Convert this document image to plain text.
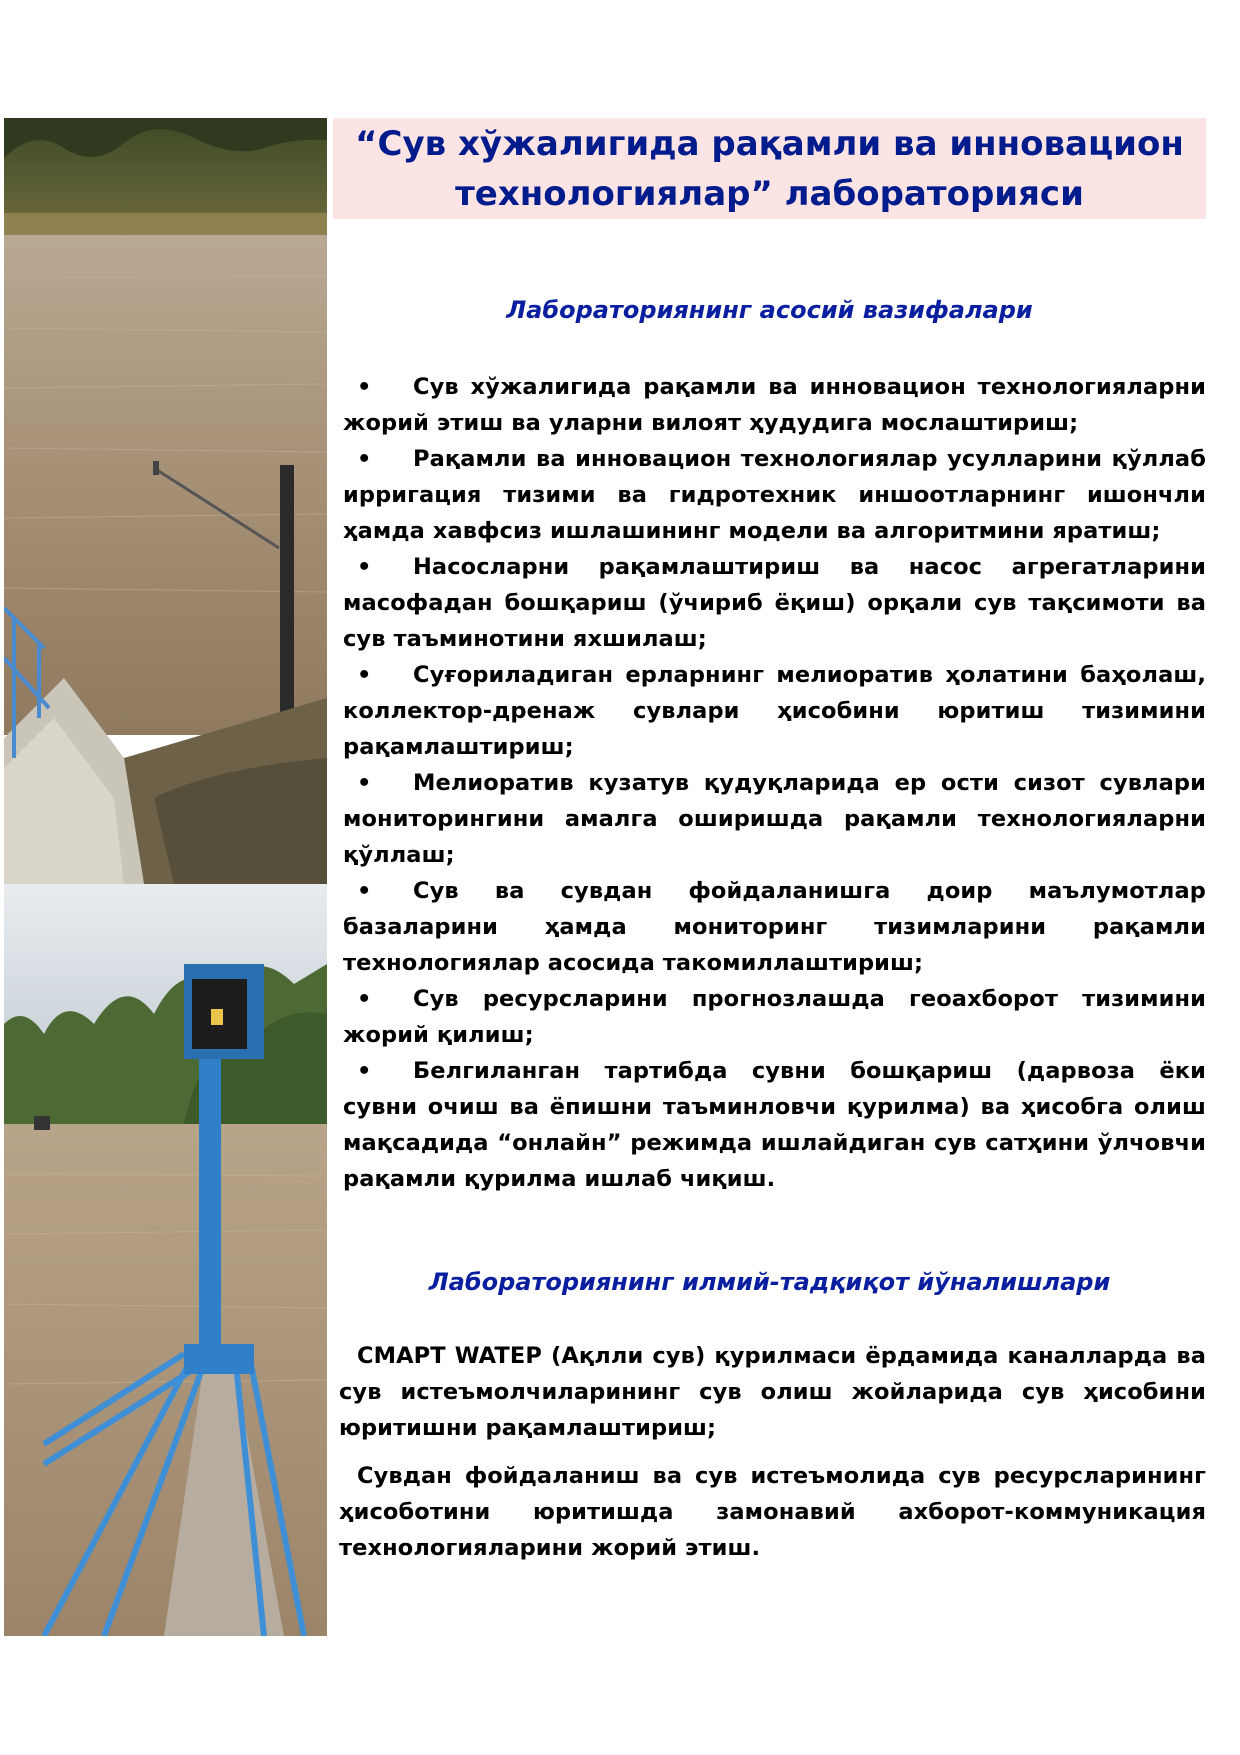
“Сув хўжалигида рақамли ва инновацион технологиялар” лабораторияси
Лабораториянинг асосий вазифалари
• Сув хўжалигида рақамли ва инновацион технологияларни жорий этиш ва уларни вилоят ҳудудига мослаштириш;
• Рақамли ва инновацион технологиялар усулларини қўллаб ирригация тизими ва гидротехник иншоотларнинг ишончли ҳамда хавфсиз ишлашининг модели ва алгоритмини яратиш;
• Насосларни рақамлаштириш ва насос агрегатларини масофадан бошқариш (ўчириб ёқиш) орқали сув тақсимоти ва сув таъминотини яхшилаш;
• Суғориладиган ерларнинг мелиоратив ҳолатини баҳолаш, коллектор-дренаж сувлари ҳисобини юритиш тизимини рақамлаштириш;
• Мелиоратив кузатув қудуқларида ер ости сизот сувлари мониторингини амалга оширишда рақамли технологияларни қўллаш;
• Сув ва сувдан фойдаланишга доир маълумотлар базаларини ҳамда мониторинг тизимларини рақамли технологиялар асосида такомиллаштириш;
• Сув ресурсларини прогнозлашда геоахборот тизимини жорий қилиш;
• Белгиланган тартибда сувни бошқариш (дарвоза ёки сувни очиш ва ёпишни таъминловчи қурилма) ва ҳисобга олиш мақсадида “онлайн” режимда ишлайдиган сув сатҳини ўлчовчи рақамли қурилма ишлаб чиқиш.
Лабораториянинг илмий-тадқиқот йўналишлари

СМАРТ WATEР (Ақлли сув) қурилмаси ёрдамида каналларда ва сув истеъмолчиларининг сув олиш жойларида сув ҳисобини юритишни рақамлаштириш;

Сувдан фойдаланиш ва сув истеъмолида сув ресурсларининг ҳисоботини юритишда замонавий ахборот-коммуникация технологияларини жорий этиш.
